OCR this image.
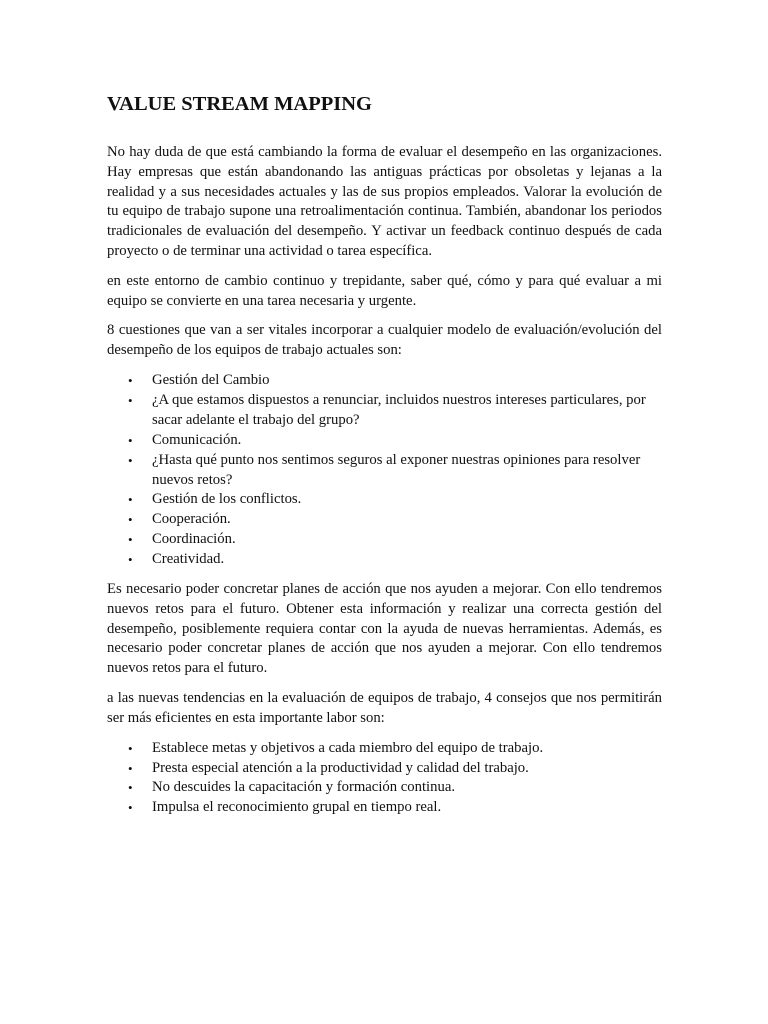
VALUE STREAM MAPPING

No hay duda de que está cambiando la forma de evaluar el desempeño en las organizaciones. Hay empresas que están abandonando las antiguas prácticas por obsoletas y lejanas a la realidad y a sus necesidades actuales y las de sus propios empleados. Valorar la evolución de tu equipo de trabajo supone una retroalimentación continua. También, abandonar los periodos tradicionales de evaluación del desempeño. Y activar un feedback continuo después de cada proyecto o de terminar una actividad o tarea específica.

en este entorno de cambio continuo y trepidante, saber qué, cómo y para qué evaluar a mi equipo se convierte en una tarea necesaria y urgente.

8 cuestiones que van a ser vitales incorporar a cualquier modelo de evaluación/evolución del desempeño de los equipos de trabajo actuales son:

• Gestión del Cambio
• ¿A que estamos dispuestos a renunciar, incluidos nuestros intereses particulares, por sacar adelante el trabajo del grupo?
• Comunicación.
• ¿Hasta qué punto nos sentimos seguros al exponer nuestras opiniones para resolver nuevos retos?
• Gestión de los conflictos.
• Cooperación.
• Coordinación.
• Creatividad.

Es necesario poder concretar planes de acción que nos ayuden a mejorar. Con ello tendremos nuevos retos para el futuro. Obtener esta información y realizar una correcta gestión del desempeño, posiblemente requiera contar con la ayuda de nuevas herramientas. Además, es necesario poder concretar planes de acción que nos ayuden a mejorar. Con ello tendremos nuevos retos para el futuro.

a las nuevas tendencias en la evaluación de equipos de trabajo, 4 consejos que nos permitirán ser más eficientes en esta importante labor son:

• Establece metas y objetivos a cada miembro del equipo de trabajo.
• Presta especial atención a la productividad y calidad del trabajo.
• No descuides la capacitación y formación continua.
• Impulsa el reconocimiento grupal en tiempo real.
